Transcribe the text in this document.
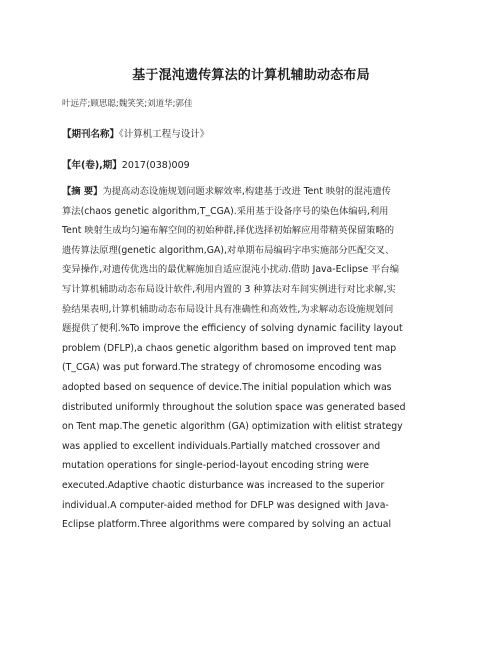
基于混沌遗传算法的计算机辅助动态布局
叶远芹;顾思聪;魏笑笑;刘道华;郭佳
【期刊名称】《计算机工程与设计》
【年(卷),期】2017(038)009
【摘 要】为提高动态设施规划问题求解效率,构建基于改进 Tent 映射的混沌遗传
算法(chaos genetic algorithm,T_CGA).采用基于设备序号的染色体编码,利用
Tent 映射生成均匀遍布解空间的初始种群,择优选择初始解应用带精英保留策略的
遗传算法原理(genetic algorithm,GA),对单期布局编码字串实施部分匹配交叉、
变异操作,对遗传优选出的最优解施加自适应混沌小扰动.借助 Java-Eclipse 平台编
写计算机辅助动态布局设计软件,利用内置的 3 种算法对车间实例进行对比求解,实
验结果表明,计算机辅助动态布局设计具有准确性和高效性,为求解动态设施规划问
题提供了便利.%To improve the efficiency of solving dynamic facility layout
problem (DFLP),a chaos genetic algorithm based on improved tent map
(T_CGA) was put forward.The strategy of chromosome encoding was
adopted based on sequence of device.The initial population which was
distributed uniformly throughout the solution space was generated based
on Tent map.The genetic algorithm (GA) optimization with elitist strategy
was applied to excellent individuals.Partially matched crossover and
mutation operations for single-period-layout encoding string were
executed.Adaptive chaotic disturbance was increased to the superior
individual.A computer-aided method for DFLP was designed with Java-
Eclipse platform.Three algorithms were compared by solving an actual
